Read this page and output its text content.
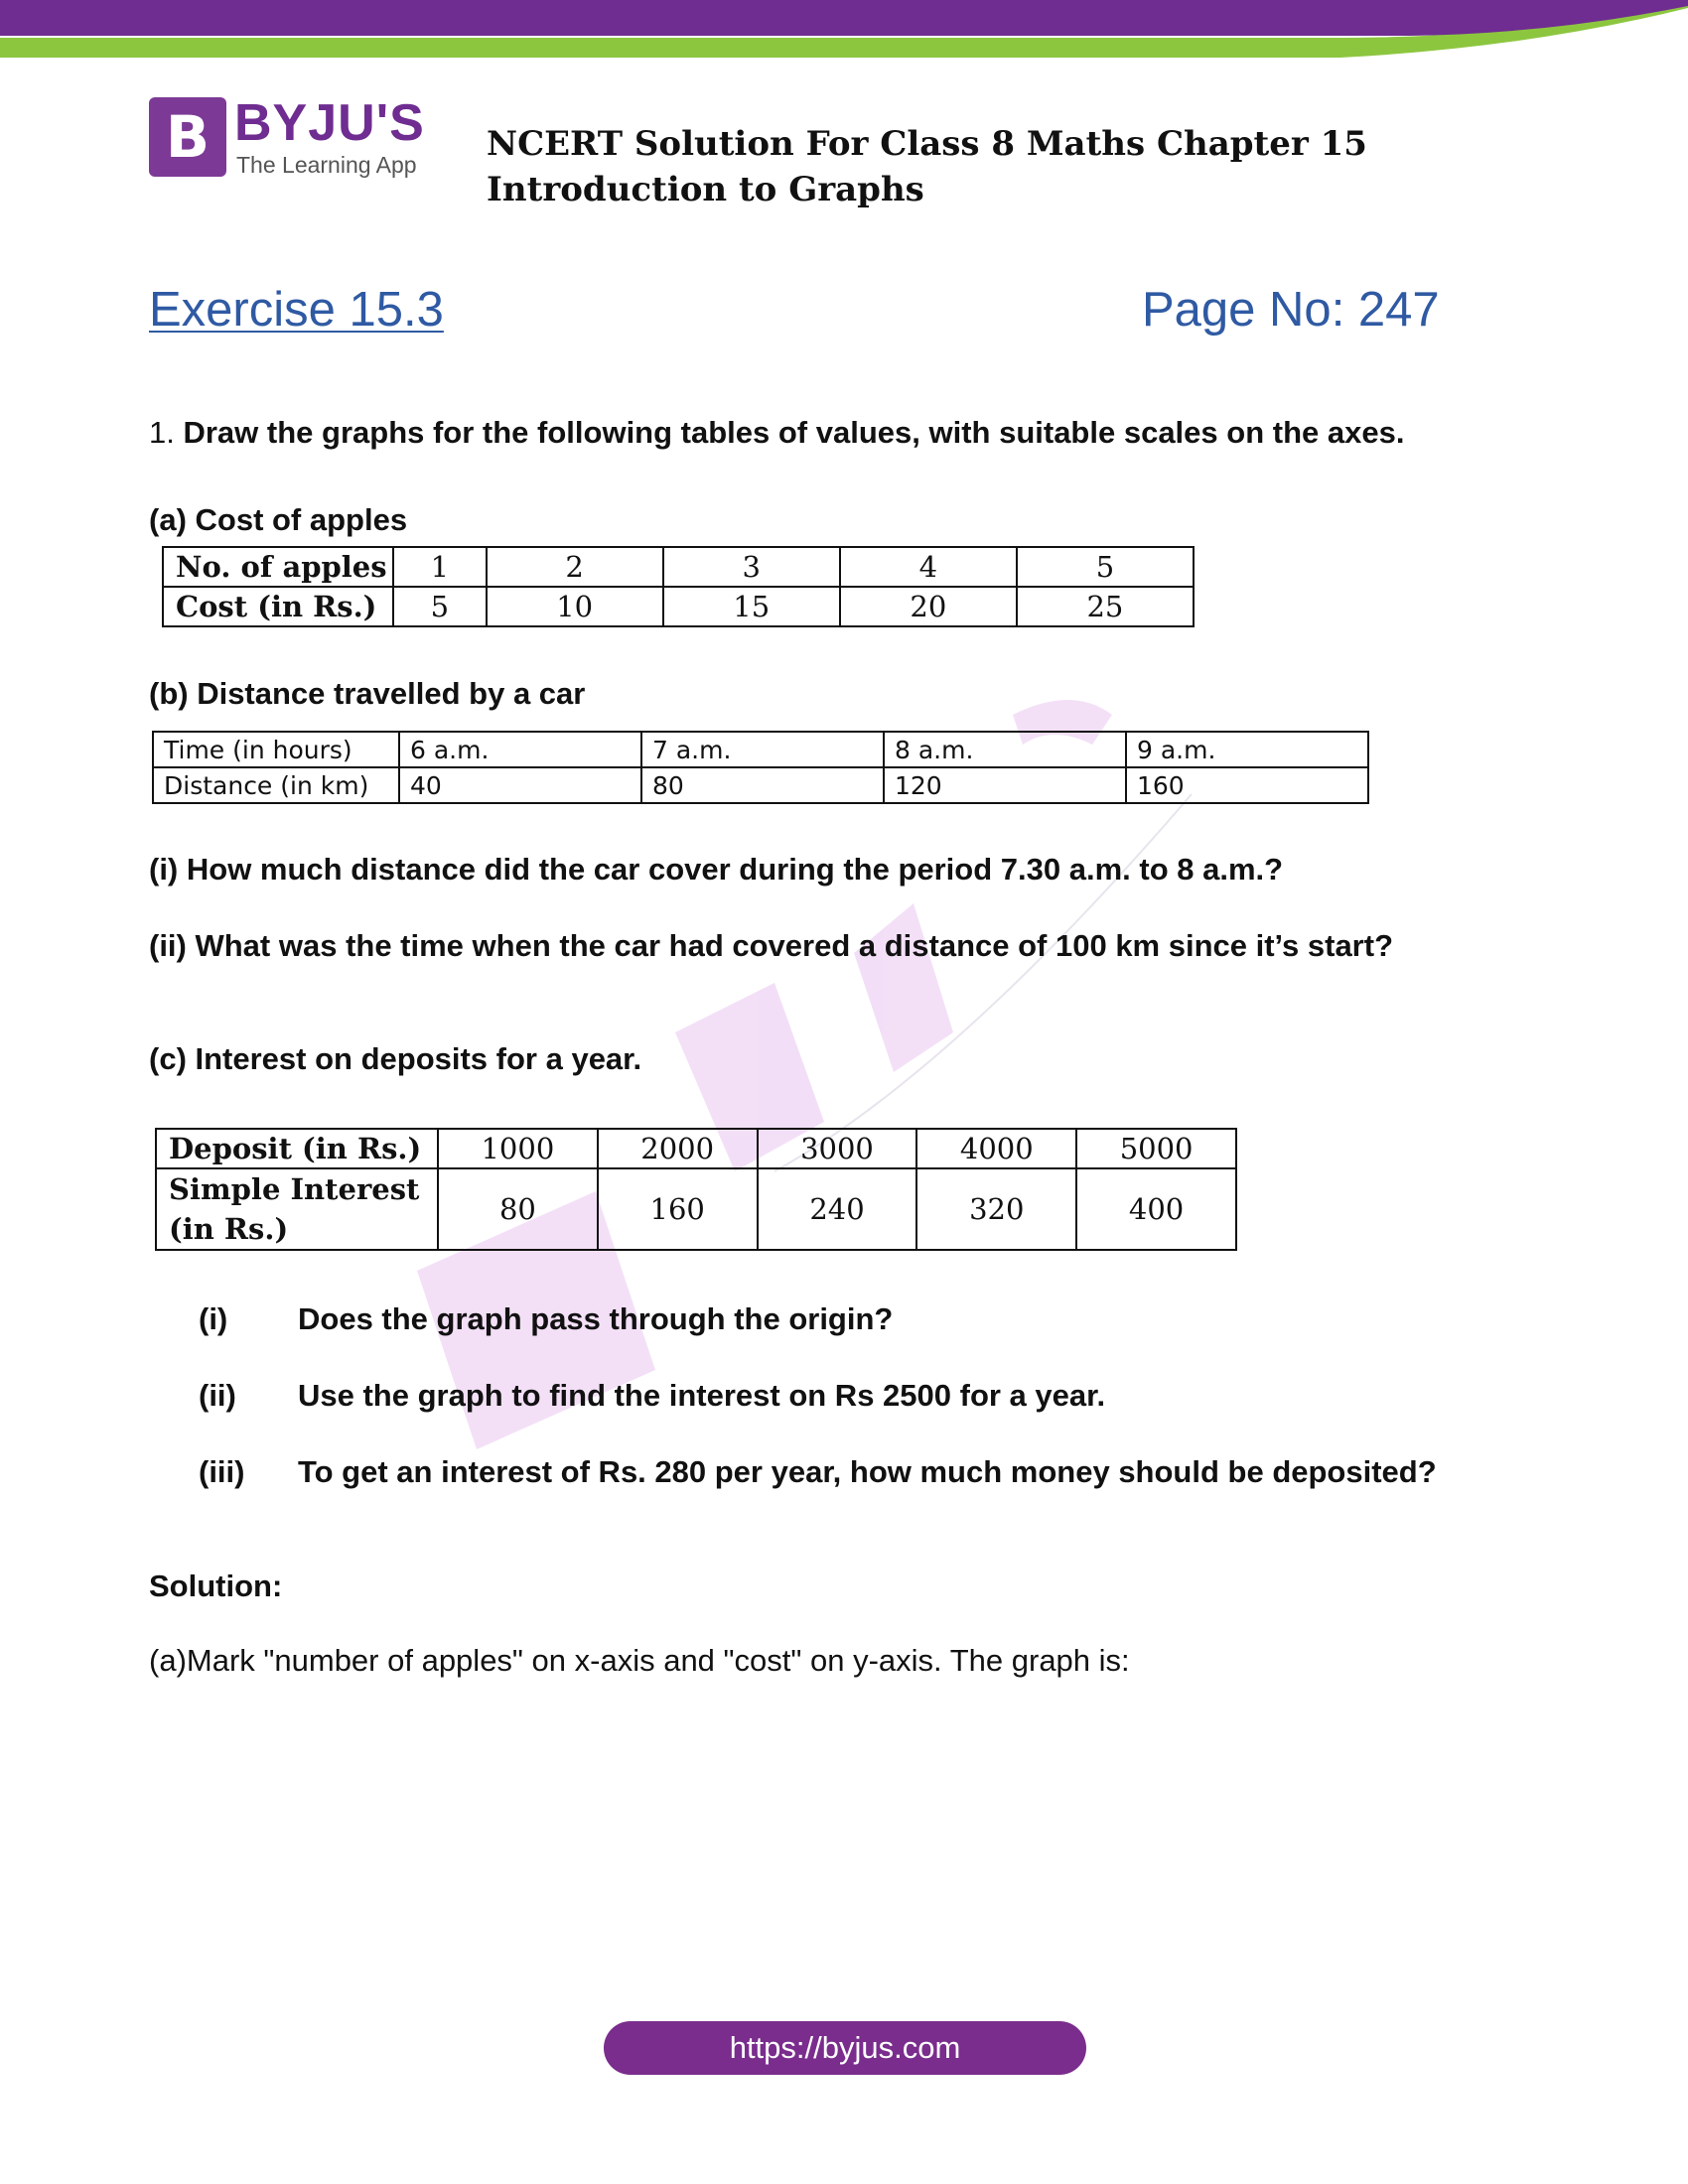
B BYJU'S
The Learning App
NCERT Solution For Class 8 Maths Chapter 15 Introduction to Graphs
Exercise 15.3	Page No: 247
1. Draw the graphs for the following tables of values, with suitable scales on the axes.
(a) Cost of apples
No. of apples	1	2	3	4	5
Cost (in Rs.)	5	10	15	20	25
(b) Distance travelled by a car
Time (in hours)	6 a.m.	7 a.m.	8 a.m.	9 a.m.
Distance (in km)	40	80	120	160
(i) How much distance did the car cover during the period 7.30 a.m. to 8 a.m.?
(ii) What was the time when the car had covered a distance of 100 km since it’s start?
(c) Interest on deposits for a year.
Deposit (in Rs.)	1000	2000	3000	4000	5000

Simple Interest
(in Rs.)	80	160	240	320	400
(i) Does the graph pass through the origin?
(ii) Use the graph to find the interest on Rs 2500 for a year.
(iii) To get an interest of Rs. 280 per year, how much money should be deposited?
Solution:
(a)Mark "number of apples" on x-axis and "cost" on y-axis. The graph is:
https://byjus.com
